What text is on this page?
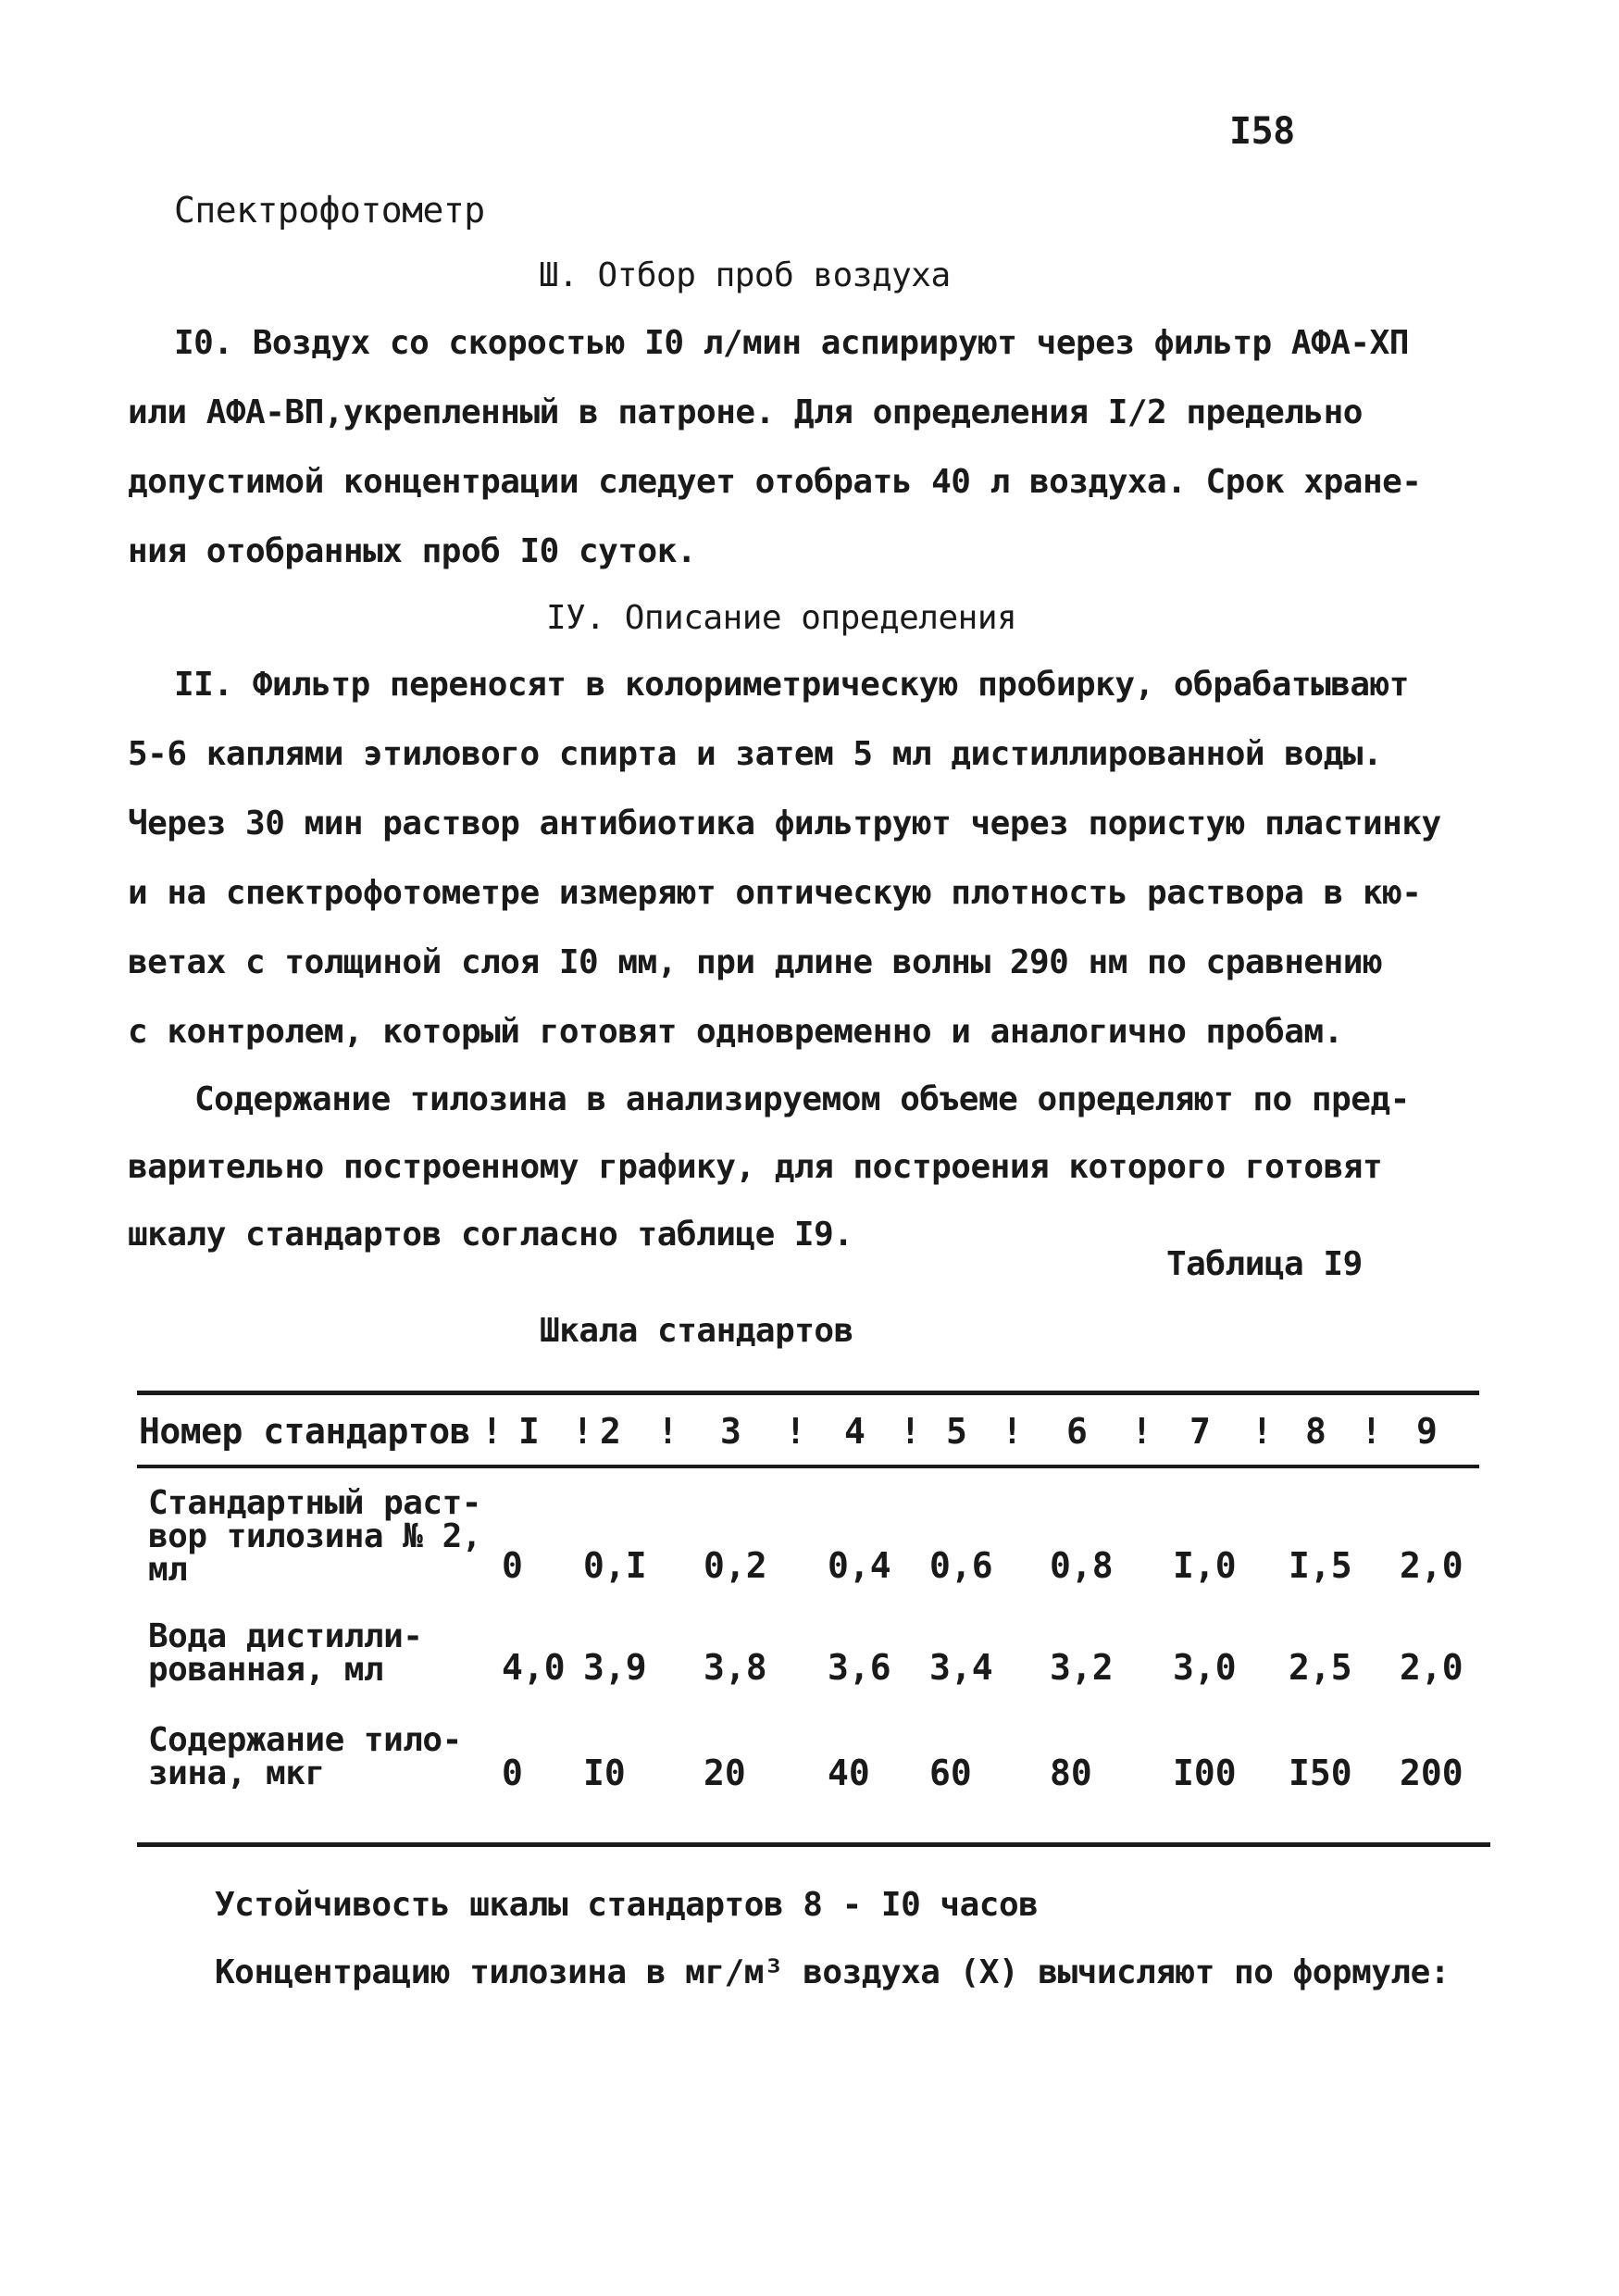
I58
Спектрофотометр
Ш. Отбор проб воздуха
I0. Воздух со скоростью I0 л/мин аспирируют через фильтр АФА-ХП
или АФА-ВП,укрепленный в патроне. Для определения I/2 предельно
допустимой концентрации следует отобрать 40 л воздуха. Срок хране-
ния отобранных проб I0 суток.
IУ. Описание определения
II. Фильтр переносят в колориметрическую пробирку, обрабатывают
5-6 каплями этилового спирта и затем 5 мл дистиллированной воды.
Через 30 мин раствор антибиотика фильтруют через пористую пластинку
и на спектрофотометре измеряют оптическую плотность раствора в кю-
ветах с толщиной слоя I0 мм, при длине волны 290 нм по сравнению
с контролем, который готовят одновременно и аналогично пробам.
Содержание тилозина в анализируемом объеме определяют по пред-
варительно построенному графику, для построения которого готовят
шкалу стандартов согласно таблице I9.
Таблица I9
Шкала стандартов
Номер стандартов ! I ! 2 ! 3 ! 4 ! 5 ! 6 ! 7 ! 8 ! 9
Стандартный раст-
вор тилозина № 2,
мл
Вода дистилли-
рованная, мл
Содержание тило-
зина, мкг
0 0,I 0,2 0,4 0,6 0,8 I,0 I,5 2,0
4,0 3,9 3,8 3,6 3,4 3,2 3,0 2,5 2,0
0 I0 20 40 60 80 I00 I50 200
Устойчивость шкалы стандартов 8 - I0 часов
Концентрацию тилозина в мг/м³ воздуха (X) вычисляют по формуле:
